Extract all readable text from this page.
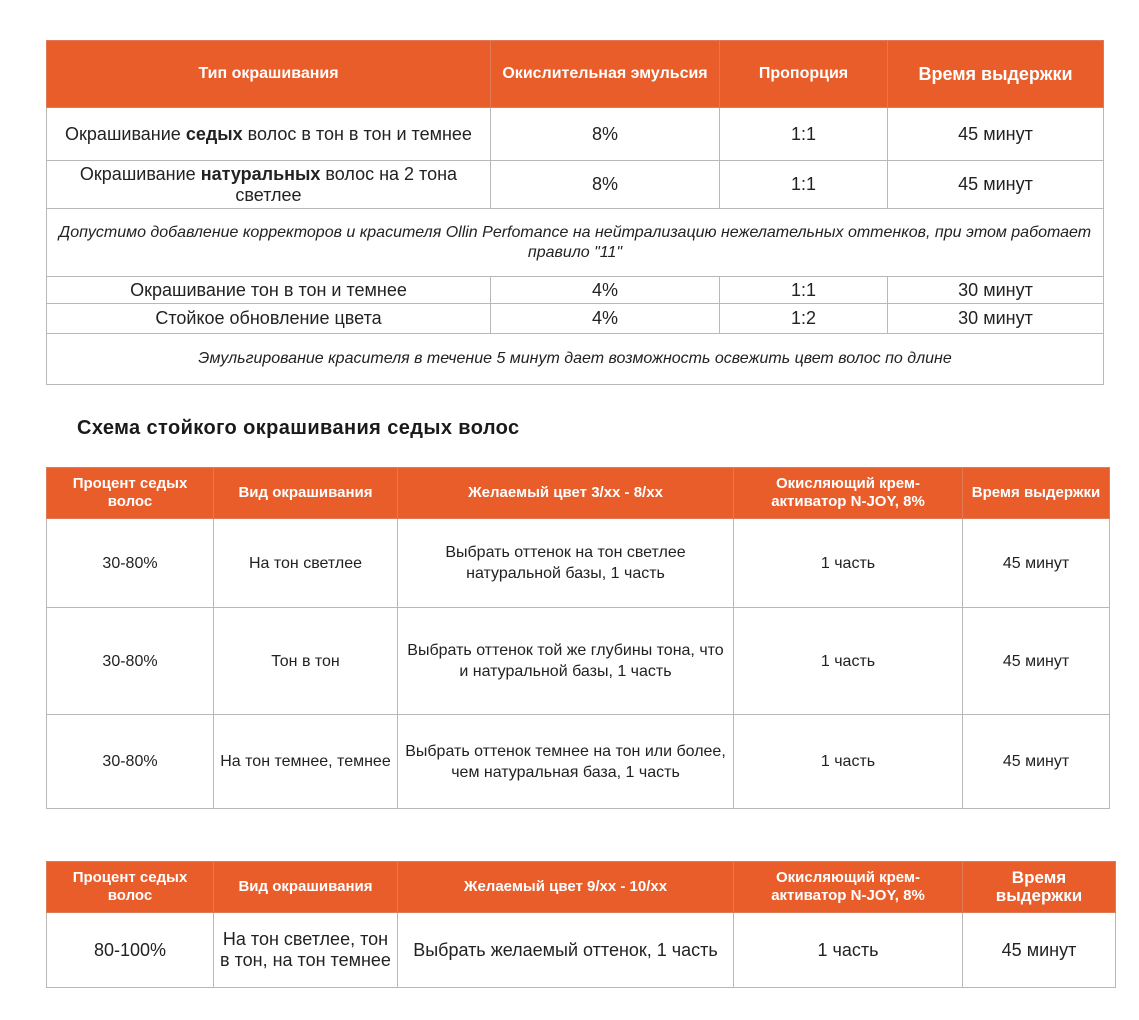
Тип окрашивания	Окислительная эмульсия	Пропорция	Время выдержки
Окрашивание седых волос в тон в тон и темнее	8%	1:1	45 минут
Окрашивание натуральных волос на 2 тона светлее	8%	1:1	45 минут
Допустимо добавление корректоров и красителя Ollin Perfomance на нейтрализацию нежелательных оттенков, при этом работает правило "11"			
Окрашивание тон в тон и темнее	4%	1:1	30 минут
Стойкое обновление цвета	4%	1:2	30 минут
Эмульгирование красителя в течение 5 минут дает возможность освежить цвет волос по длине			
Схема стойкого окрашивания седых волос
Процент седых волос	Вид окрашивания	Желаемый цвет 3/хх - 8/хх	Окисляющий крем-активатор N-JOY, 8%	Время выдержки
30-80%	На тон светлее	Выбрать оттенок на тон светлее натуральной базы, 1 часть	1 часть	45 минут
30-80%	Тон в тон	Выбрать оттенок той же глубины тона, что и натуральной базы, 1 часть	1 часть	45 минут
30-80%	На тон темнее, темнее	Выбрать оттенок темнее на тон или более, чем натуральная база, 1 часть	1 часть	45 минут
Процент седых волос	Вид окрашивания	Желаемый цвет 9/хх - 10/хх	Окисляющий крем-активатор N-JOY, 8%	Время выдержки
80-100%	На тон светлее, тон в тон, на тон темнее	Выбрать желаемый оттенок, 1 часть	1 часть	45 минут
